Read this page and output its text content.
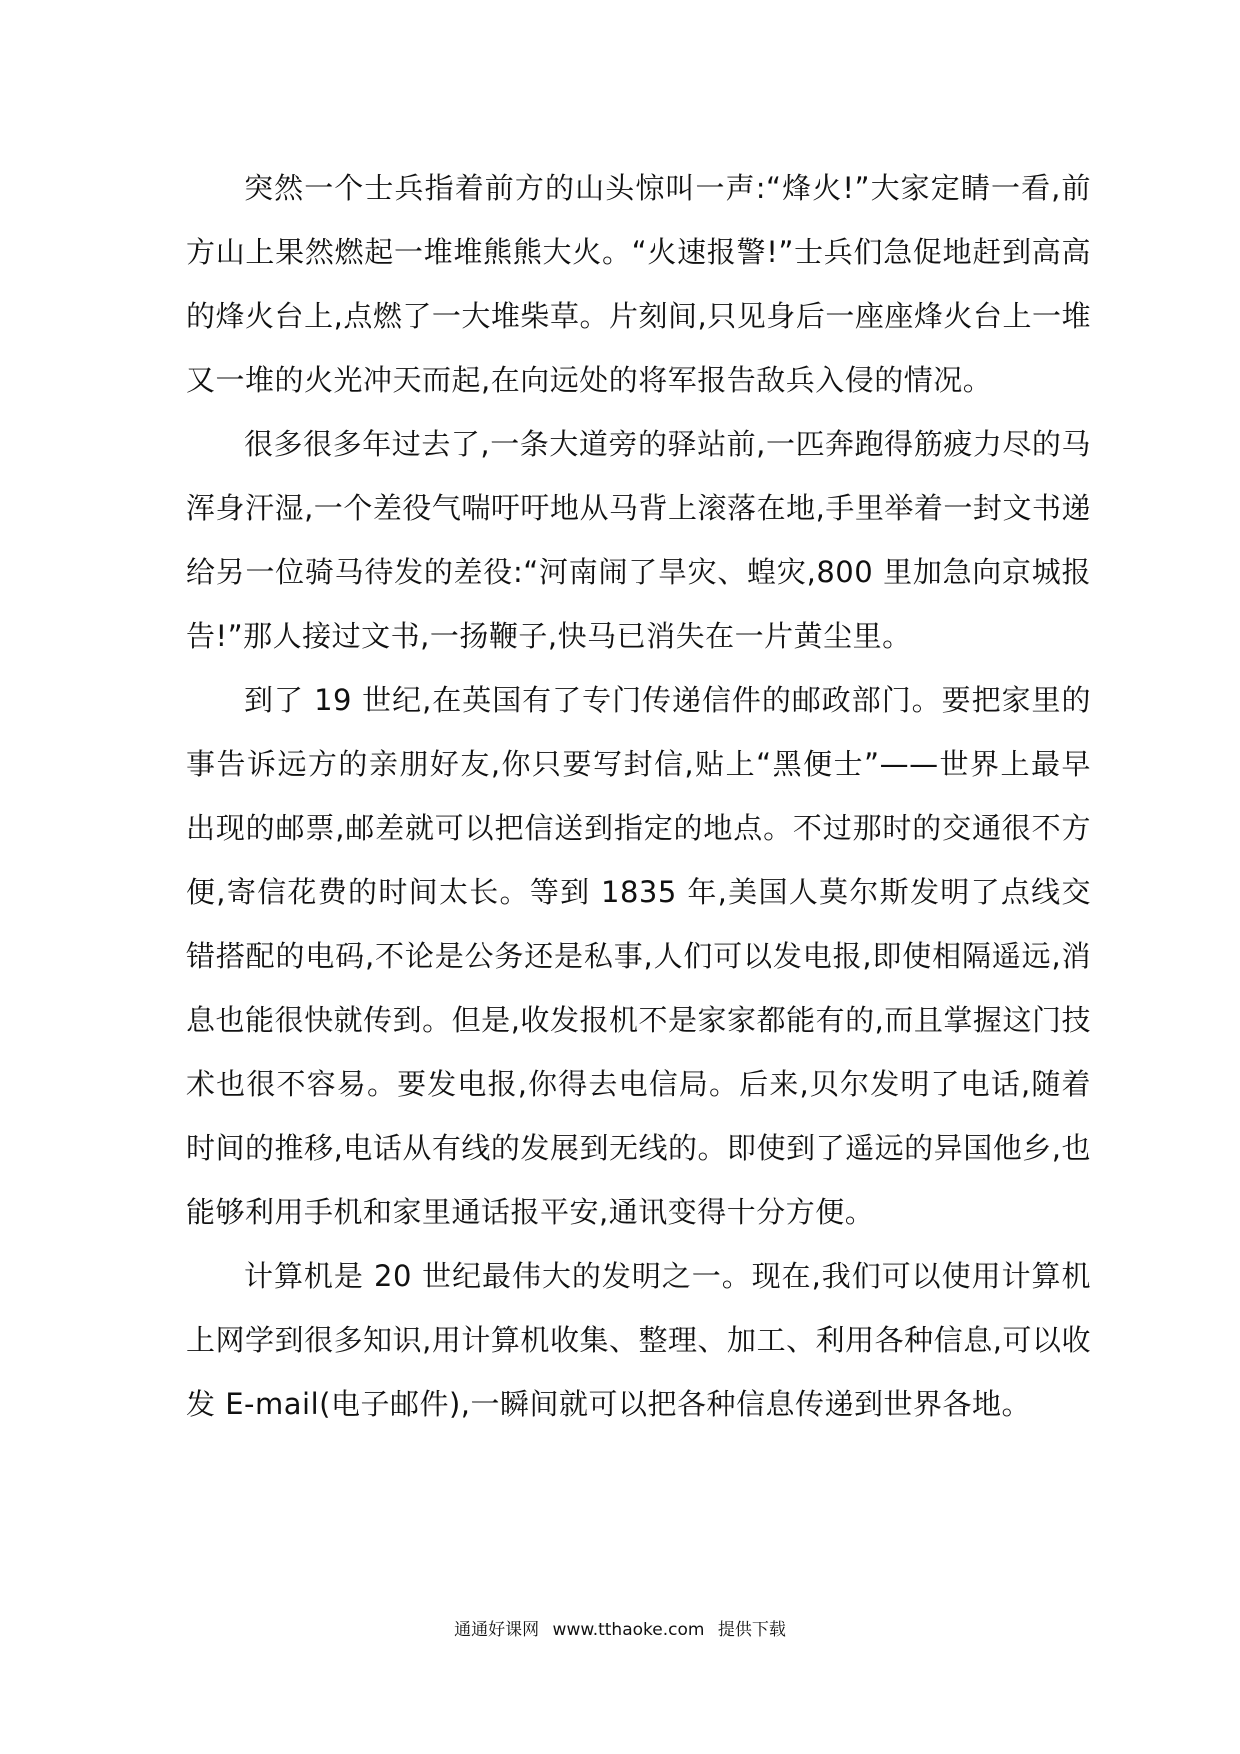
突然一个士兵指着前方的山头惊叫一声:“烽火!”大家定睛一看,前方山上果然燃起一堆堆熊熊大火。“火速报警!”士兵们急促地赶到高高的烽火台上,点燃了一大堆柴草。片刻间,只见身后一座座烽火台上一堆又一堆的火光冲天而起,在向远处的将军报告敌兵入侵的情况。

很多很多年过去了,一条大道旁的驿站前,一匹奔跑得筋疲力尽的马浑身汗湿,一个差役气喘吁吁地从马背上滚落在地,手里举着一封文书递给另一位骑马待发的差役:“河南闹了旱灾、蝗灾,800 里加急向京城报告!”那人接过文书,一扬鞭子,快马已消失在一片黄尘里。

到了 19 世纪,在英国有了专门传递信件的邮政部门。要把家里的事告诉远方的亲朋好友,你只要写封信,贴上“黑便士”——世界上最早出现的邮票,邮差就可以把信送到指定的地点。不过那时的交通很不方便,寄信花费的时间太长。等到 1835 年,美国人莫尔斯发明了点线交错搭配的电码,不论是公务还是私事,人们可以发电报,即使相隔遥远,消息也能很快就传到。但是,收发报机不是家家都能有的,而且掌握这门技术也很不容易。要发电报,你得去电信局。后来,贝尔发明了电话,随着时间的推移,电话从有线的发展到无线的。即使到了遥远的异国他乡,也能够利用手机和家里通话报平安,通讯变得十分方便。

计算机是 20 世纪最伟大的发明之一。现在,我们可以使用计算机上网学到很多知识,用计算机收集、整理、加工、利用各种信息,可以收发 E-mail(电子邮件),一瞬间就可以把各种信息传递到世界各地。

通通好课网 www.tthaoke.com 提供下载
